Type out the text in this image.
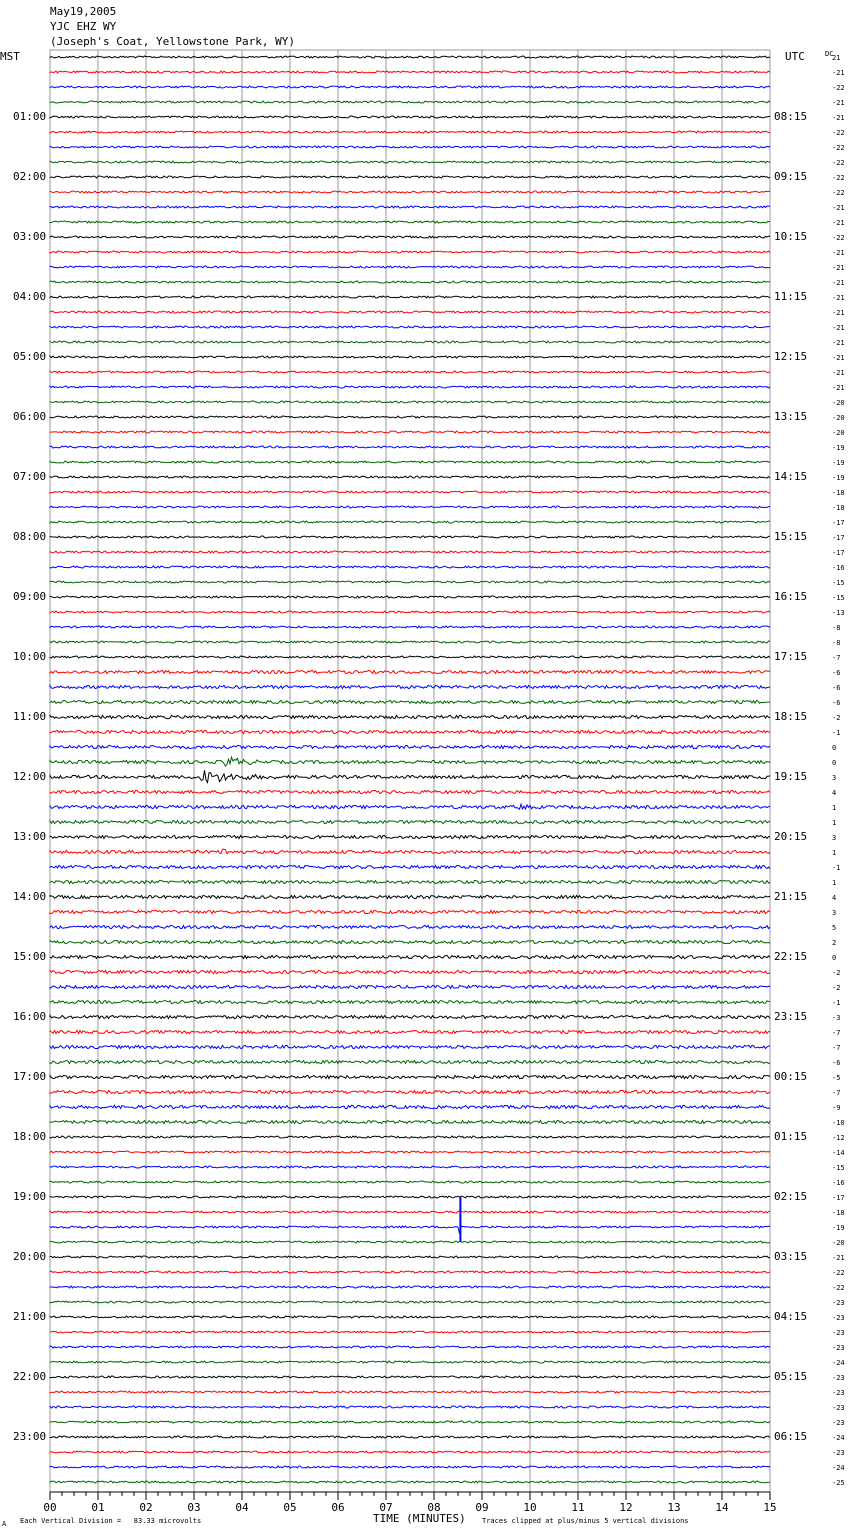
00	01	02	03	04	05	06	07	08	09	10	11	12	13	14	15
May19,2005
YJC EHZ WY
(Joseph's Coat, Yellowstone Park, WY)
MST	UTC	DC
01:00
02:00
03:00
04:00
05:00
06:00
07:00
08:00
09:00
10:00
11:00
12:00
13:00
14:00
15:00
16:00
17:00
18:00
19:00
20:00
21:00
22:00
23:00
08:15
09:15
10:15
11:15
12:15
13:15
14:15
15:15
16:15
17:15
18:15
19:15
20:15
21:15
22:15
23:15
00:15
01:15
02:15
03:15
04:15
05:15
06:15
21
-21
-22
-21
-21
-22
-22
-22
-22
-22
-21
-21
-22
-21
-21
-21
-21
-21
-21
-21
-21
-21
-21
-20
-20
-20
-19
-19
-19
-18
-18
-17
-17
-17
-16
-15
-15
-13
-8
-8
-7
-6
-6
-6
-2
-1
0
0
3
4
1
1
3
1
-1
1
4
3
5
2
0
-2
-2
-1
-3
-7
-7
-6
-5
-7
-9
-10
-12
-14
-15
-16
-17
-18
-19
-20
-21
-22
-22
-23
-23
-23
-23
-24
-23
-23
-23
-23
-24
-23
-24
-25
A Each Vertical Division =   83.33 microvolts	TIME (MINUTES) Traces clipped at plus/minus 5 vertical divisions
